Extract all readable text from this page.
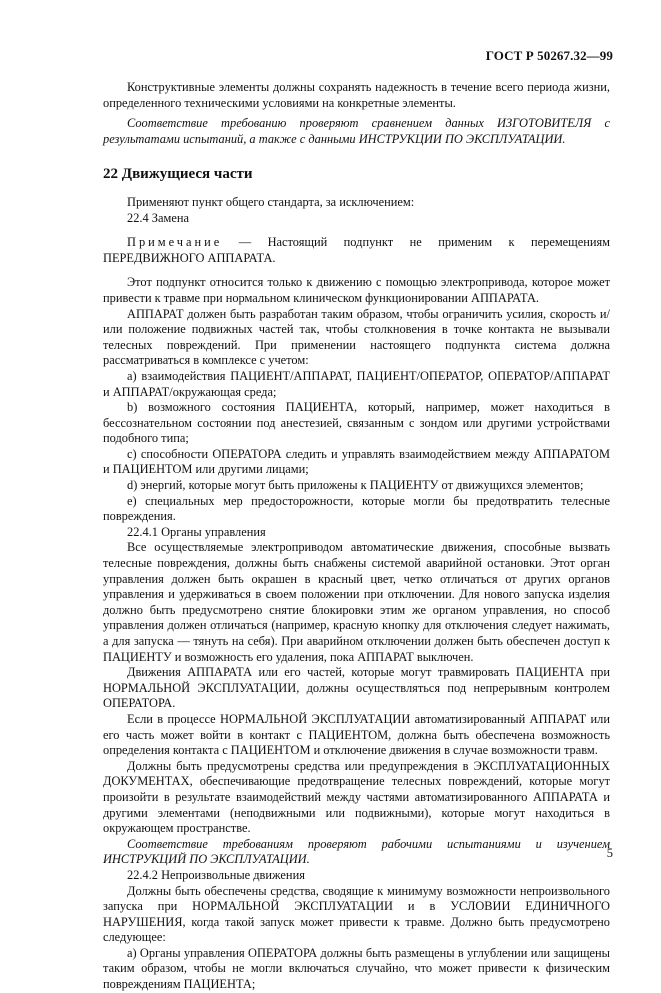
ГОСТ Р 50267.32—99

Конструктивные элементы должны сохранять надежность в течение всего периода жизни, определенного техническими условиями на конкретные элементы.

Соответствие требованию проверяют сравнением данных ИЗГОТОВИТЕЛЯ с результатами испытаний, а также с данными ИНСТРУКЦИИ ПО ЭКСПЛУАТАЦИИ.

22 Движущиеся части

Применяют пункт общего стандарта, за исключением:

22.4 Замена

Примечание — Настоящий подпункт не применим к перемещениям ПЕРЕДВИЖНОГО АППАРАТА.

Этот подпункт относится только к движению с помощью электропривода, которое может привести к травме при нормальном клиническом функционировании АППАРАТА.

АППАРАТ должен быть разработан таким образом, чтобы ограничить усилия, скорость и/или положение подвижных частей так, чтобы столкновения в точке контакта не вызывали телесных повреждений. При применении настоящего подпункта система должна рассматриваться в комплексе с учетом:

a) взаимодействия ПАЦИЕНТ/АППАРАТ, ПАЦИЕНТ/ОПЕРАТОР, ОПЕРАТОР/АППАРАТ и АППАРАТ/окружающая среда;

b) возможного состояния ПАЦИЕНТА, который, например, может находиться в бессознательном состоянии под анестезией, связанным с зондом или другими устройствами подобного типа;

c) способности ОПЕРАТОРА следить и управлять взаимодействием между АППАРАТОМ и ПАЦИЕНТОМ или другими лицами;

d) энергий, которые могут быть приложены к ПАЦИЕНТУ от движущихся элементов;

e) специальных мер предосторожности, которые могли бы предотвратить телесные повреждения.

22.4.1 Органы управления

Все осуществляемые электроприводом автоматические движения, способные вызвать телесные повреждения, должны быть снабжены системой аварийной остановки. Этот орган управления должен быть окрашен в красный цвет, четко отличаться от других органов управления и удерживаться в своем положении при отключении. Для нового запуска изделия должно быть предусмотрено снятие блокировки этим же органом управления, но способ управления должен отличаться (например, красную кнопку для отключения следует нажимать, а для запуска — тянуть на себя). При аварийном отключении должен быть обеспечен доступ к ПАЦИЕНТУ и возможность его удаления, пока АППАРАТ выключен.

Движения АППАРАТА или его частей, которые могут травмировать ПАЦИЕНТА при НОРМАЛЬНОЙ ЭКСПЛУАТАЦИИ, должны осуществляться под непрерывным контролем ОПЕРАТОРА.

Если в процессе НОРМАЛЬНОЙ ЭКСПЛУАТАЦИИ автоматизированный АППАРАТ или его часть может войти в контакт с ПАЦИЕНТОМ, должна быть обеспечена возможность определения контакта с ПАЦИЕНТОМ и отключение движения в случае возможности травм.

Должны быть предусмотрены средства или предупреждения в ЭКСПЛУАТАЦИОННЫХ ДОКУМЕНТАХ, обеспечивающие предотвращение телесных повреждений, которые могут произойти в результате взаимодействий между частями автоматизированного АППАРАТА и другими элементами (неподвижными или подвижными), которые могут находиться в окружающем пространстве.

Соответствие требованиям проверяют рабочими испытаниями и изучением ИНСТРУКЦИЙ ПО ЭКСПЛУАТАЦИИ.

22.4.2 Непроизвольные движения

Должны быть обеспечены средства, сводящие к минимуму возможности непроизвольного запуска при НОРМАЛЬНОЙ ЭКСПЛУАТАЦИИ и в УСЛОВИИ ЕДИНИЧНОГО НАРУШЕНИЯ, когда такой запуск может привести к травме. Должно быть предусмотрено следующее:

a) Органы управления ОПЕРАТОРА должны быть размещены в углублении или защищены таким образом, чтобы не могли включаться случайно, что может привести к физическим повреждениям ПАЦИЕНТА;

5
